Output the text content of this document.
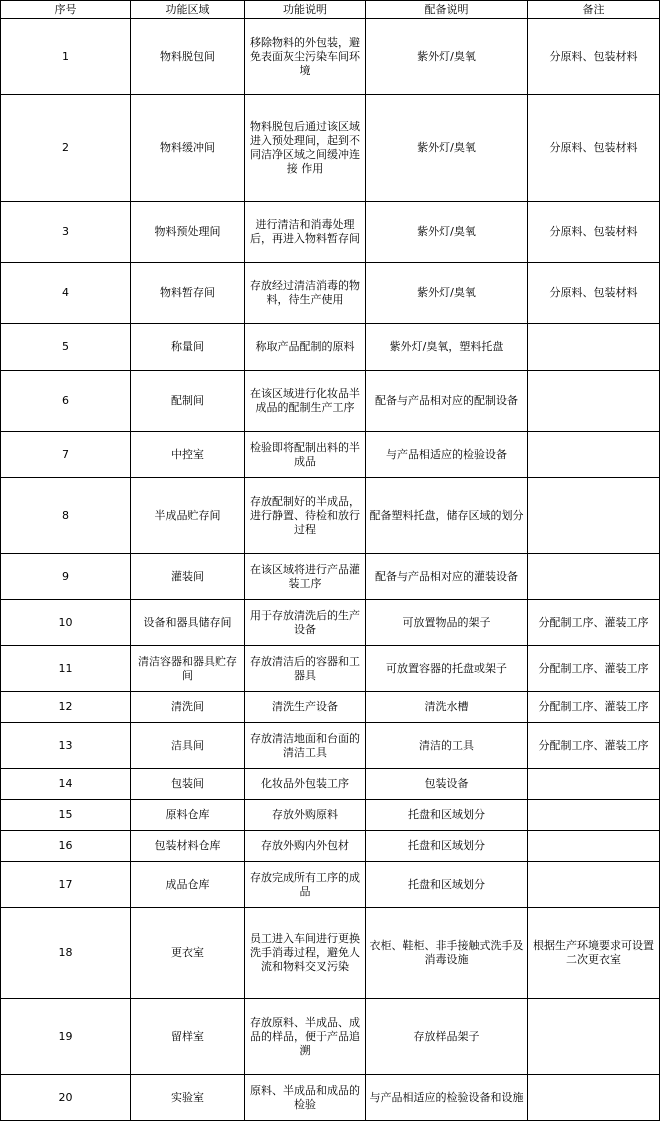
序号	功能区域	功能说明	配备说明	备注
1	物料脱包间	移除物料的外包装，避免表面灰尘污染车间环境	紫外灯/臭氧	分原料、包装材料
2	物料缓冲间	物料脱包后通过该区域进入预处理间，起到不同洁净区域之间缓冲连接 作用	紫外灯/臭氧	分原料、包装材料
3	物料预处理间	进行清洁和消毒处理后，再进入物料暂存间	紫外灯/臭氧	分原料、包装材料
4	物料暂存间	存放经过清洁消毒的物料，待生产使用	紫外灯/臭氧	分原料、包装材料
5	称量间	称取产品配制的原料	紫外灯/臭氧，塑料托盘	
6	配制间	在该区域进行化妆品半成品的配制生产工序	配备与产品相对应的配制设备	
7	中控室	检验即将配制出料的半成品	与产品相适应的检验设备	
8	半成品贮存间	存放配制好的半成品，进行静置、待检和放行过程	配备塑料托盘，储存区域的划分	
9	灌装间	在该区域将进行产品灌装工序	配备与产品相对应的灌装设备	
10	设备和器具储存间	用于存放清洗后的生产设备	可放置物品的架子	分配制工序、灌装工序
11	清洁容器和器具贮存间	存放清洁后的容器和工器具	可放置容器的托盘或架子	分配制工序、灌装工序
12	清洗间	清洗生产设备	清洗水槽	分配制工序、灌装工序
13	洁具间	存放清洁地面和台面的清洁工具	清洁的工具	分配制工序、灌装工序
14	包装间	化妆品外包装工序	包装设备	
15	原料仓库	存放外购原料	托盘和区域划分	
16	包装材料仓库	存放外购内外包材	托盘和区域划分	
17	成品仓库	存放完成所有工序的成品	托盘和区域划分	
18	更衣室	员工进入车间进行更换洗手消毒过程，避免人流和物料交叉污染	衣柜、鞋柜、非手接触式洗手及消毒设施	根据生产环境要求可设置二次更衣室
19	留样室	存放原料、半成品、成品的样品，便于产品追溯	存放样品架子	
20	实验室	原料、半成品和成品的检验	与产品相适应的检验设备和设施	
